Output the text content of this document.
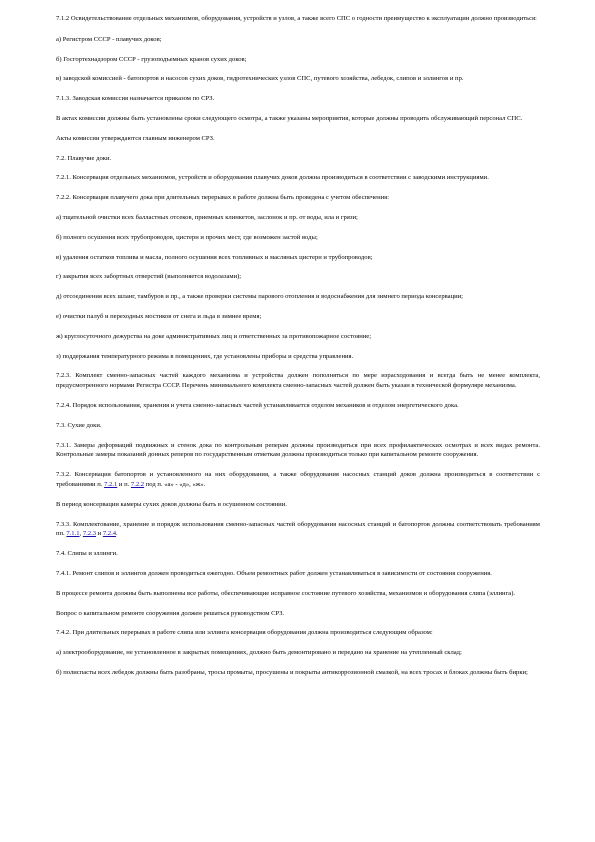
7.1.2 Освидетельствование отдельных механизмов, оборудования, устройств и узлов, а также всего СПС о годности преимущество к эксплуатации должно производиться:

а) Регистром СССР - плавучих доков;

б) Госгортехнадзором СССР - грузоподъемных кранов сухих доков;

в) заводской комиссией - батопортов и насосов сухих доков, гидротехнических узлов СПС, путевого хозяйства, лебедок, слипов и эллингов и пр.

7.1.3. Заводская комиссия назначается приказом по СРЗ.

В актах комиссии должны быть установлены сроки следующего осмотра, а также указаны мероприятия, которые должны проводить обслуживающий персонал СПС.

Акты комиссии утверждаются главным инженером СРЗ.

7.2. Плавучие доки.

7.2.1. Консервация отдельных механизмов, устройств и оборудования плавучих доков должна производиться в соответствии с заводскими инструкциями.

7.2.2. Консервация плавучего дока при длительных перерывах в работе должна быть проведена с учетом обеспечения:

а) тщательной очистки всех балластных отсеков, приемных клинкетов, заслонок и пр. от воды, ила и грязи;

б) полного осушения всех трубопроводов, цистерн и прочих мест, где возможен застой воды;

в) удаления остатков топлива и масла, полного осушения всех топливных и масляных цистерн и трубопроводов;

г) закрытия всех забортных отверстий (выполняется водолазами);

д) отсоединения всех шланг, тамбуров и пр., а также проверки системы парового отопления и водоснабжения для зимнего периода консервации;

е) очистки палуб и переходных мостиков от снега и льда в зимнее время;

ж) круглосуточного дежурства на доке административных лиц и ответственных за противопожарное состояние;

з) поддержания температурного режима в помещениях, где установлены приборы и средства управления.

7.2.3. Комплект сменно-запасных частей каждого механизма и устройства должен пополняться по мере израсходования и всегда быть не менее комплекта, предусмотренного нормами Регистра СССР. Перечень минимального комплекта сменно-запасных частей должен быть указан в технической формуляре механизма.

7.2.4. Порядок использования, хранения и учета сменно-запасных частей устанавливается отделом механиков и отделом энергетического дока.

7.3. Сухие доки.

7.3.1. Замеры деформаций подвижных и стенок дока по контрольным реперам должны производиться при всех профилактических осмотрах и всех видах ремонта. Контрольные замеры показаний донных реперов по государственным отметкам должны производиться только при капитальном ремонте сооружения.

7.3.2. Консервация батопортов и установленного на них оборудования, а также оборудования насосных станций доков должна производиться в соответствии с требованиями п. 7.2.1 и п. 7.2.2 под п. «а» - «д», «ж».

В период консервации камеры сухих доков должны быть в осушенном состоянии.

7.3.3. Комплектование, хранение и порядок использования сменно-запасных частей оборудования насосных станций и батопортов должны соответствовать требованиям пп. 7.1.1, 7.2.3 и 7.2.4.

7.4. Слипы и эллинги.

7.4.1. Ремонт слипов и эллингов должен проводиться ежегодно. Объем ремонтных работ должен устанавливаться в зависимости от состояния сооружения.

В процессе ремонта должны быть выполнены все работы, обеспечивающие исправное состояние путевого хозяйства, механизмов и оборудования слипа (эллинга).

Вопрос о капитальном ремонте сооружения должен решаться руководством СРЗ.

7.4.2. При длительных перерывах в работе слипа или эллинга консервация оборудования должна производиться следующим образом:

а) электрооборудование, не установленное в закрытых помещениях, должно быть демонтировано и передано на хранение на утепленный склад;

б) полиспасты всех лебедок должны быть разобраны, тросы промыты, просушены и покрыты антикоррозионной смазкой, на всех тросах и блоках должны быть бирки;
